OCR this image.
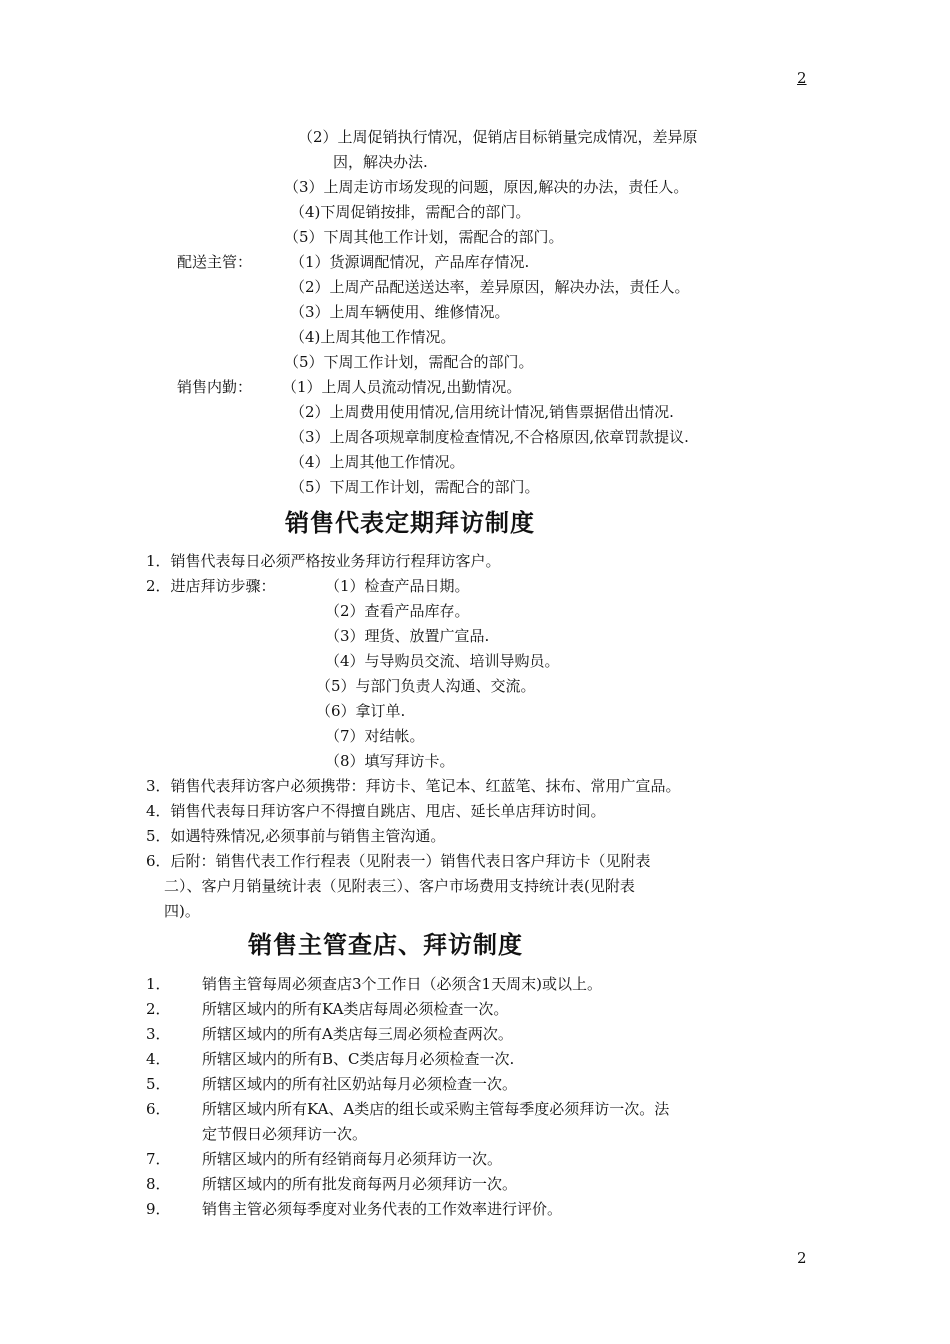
2
（2）上周促销执行情况，促销店目标销量完成情况，差异原
因，解决办法.
（3）上周走访市场发现的问题，原因,解决的办法，责任人。
（4)下周促销按排，需配合的部门。
（5）下周其他工作计划，需配合的部门。
配送主管：	（1）货源调配情况，产品库存情况.
（2）上周产品配送送达率，差异原因，解决办法，责任人。
（3）上周车辆使用、维修情况。
（4)上周其他工作情况。
（5）下周工作计划，需配合的部门。
销售内勤： （1）上周人员流动情况,出勤情况。
（2）上周费用使用情况,信用统计情况,销售票据借出情况.
（3）上周各项规章制度检查情况,不合格原因,依章罚款提议.
（4）上周其他工作情况。
（5）下周工作计划，需配合的部门。
销售代表定期拜访制度
1．销售代表每日必须严格按业务拜访行程拜访客户。
2．进店拜访步骤：	（1）检查产品日期。
（2）查看产品库存。
（3）理货、放置广宣品.
（4）与导购员交流、培训导购员。
（5）与部门负责人沟通、交流。
（6）拿订单.
（7）对结帐。
（8）填写拜访卡。
3．销售代表拜访客户必须携带：拜访卡、笔记本、红蓝笔、抹布、常用广宣品。
4．销售代表每日拜访客户不得擅自跳店、甩店、延长单店拜访时间。
5．如遇特殊情况,必须事前与销售主管沟通。
6．后附：销售代表工作行程表（见附表一）销售代表日客户拜访卡（见附表
二）、客户月销量统计表（见附表三）、客户市场费用支持统计表(见附表
四)。
销售主管查店、拜访制度
1． 销售主管每周必须查店3个工作日（必须含1天周末)或以上。
2． 所辖区域内的所有KA类店每周必须检查一次。
3． 所辖区域内的所有A类店每三周必须检查两次。
4． 所辖区域内的所有B、C类店每月必须检查一次.
5． 所辖区域内的所有社区奶站每月必须检查一次。
6． 所辖区域内所有KA、A类店的组长或采购主管每季度必须拜访一次。法
定节假日必须拜访一次。
7． 所辖区域内的所有经销商每月必须拜访一次。
8． 所辖区域内的所有批发商每两月必须拜访一次。
9． 销售主管必须每季度对业务代表的工作效率进行评价。
2
